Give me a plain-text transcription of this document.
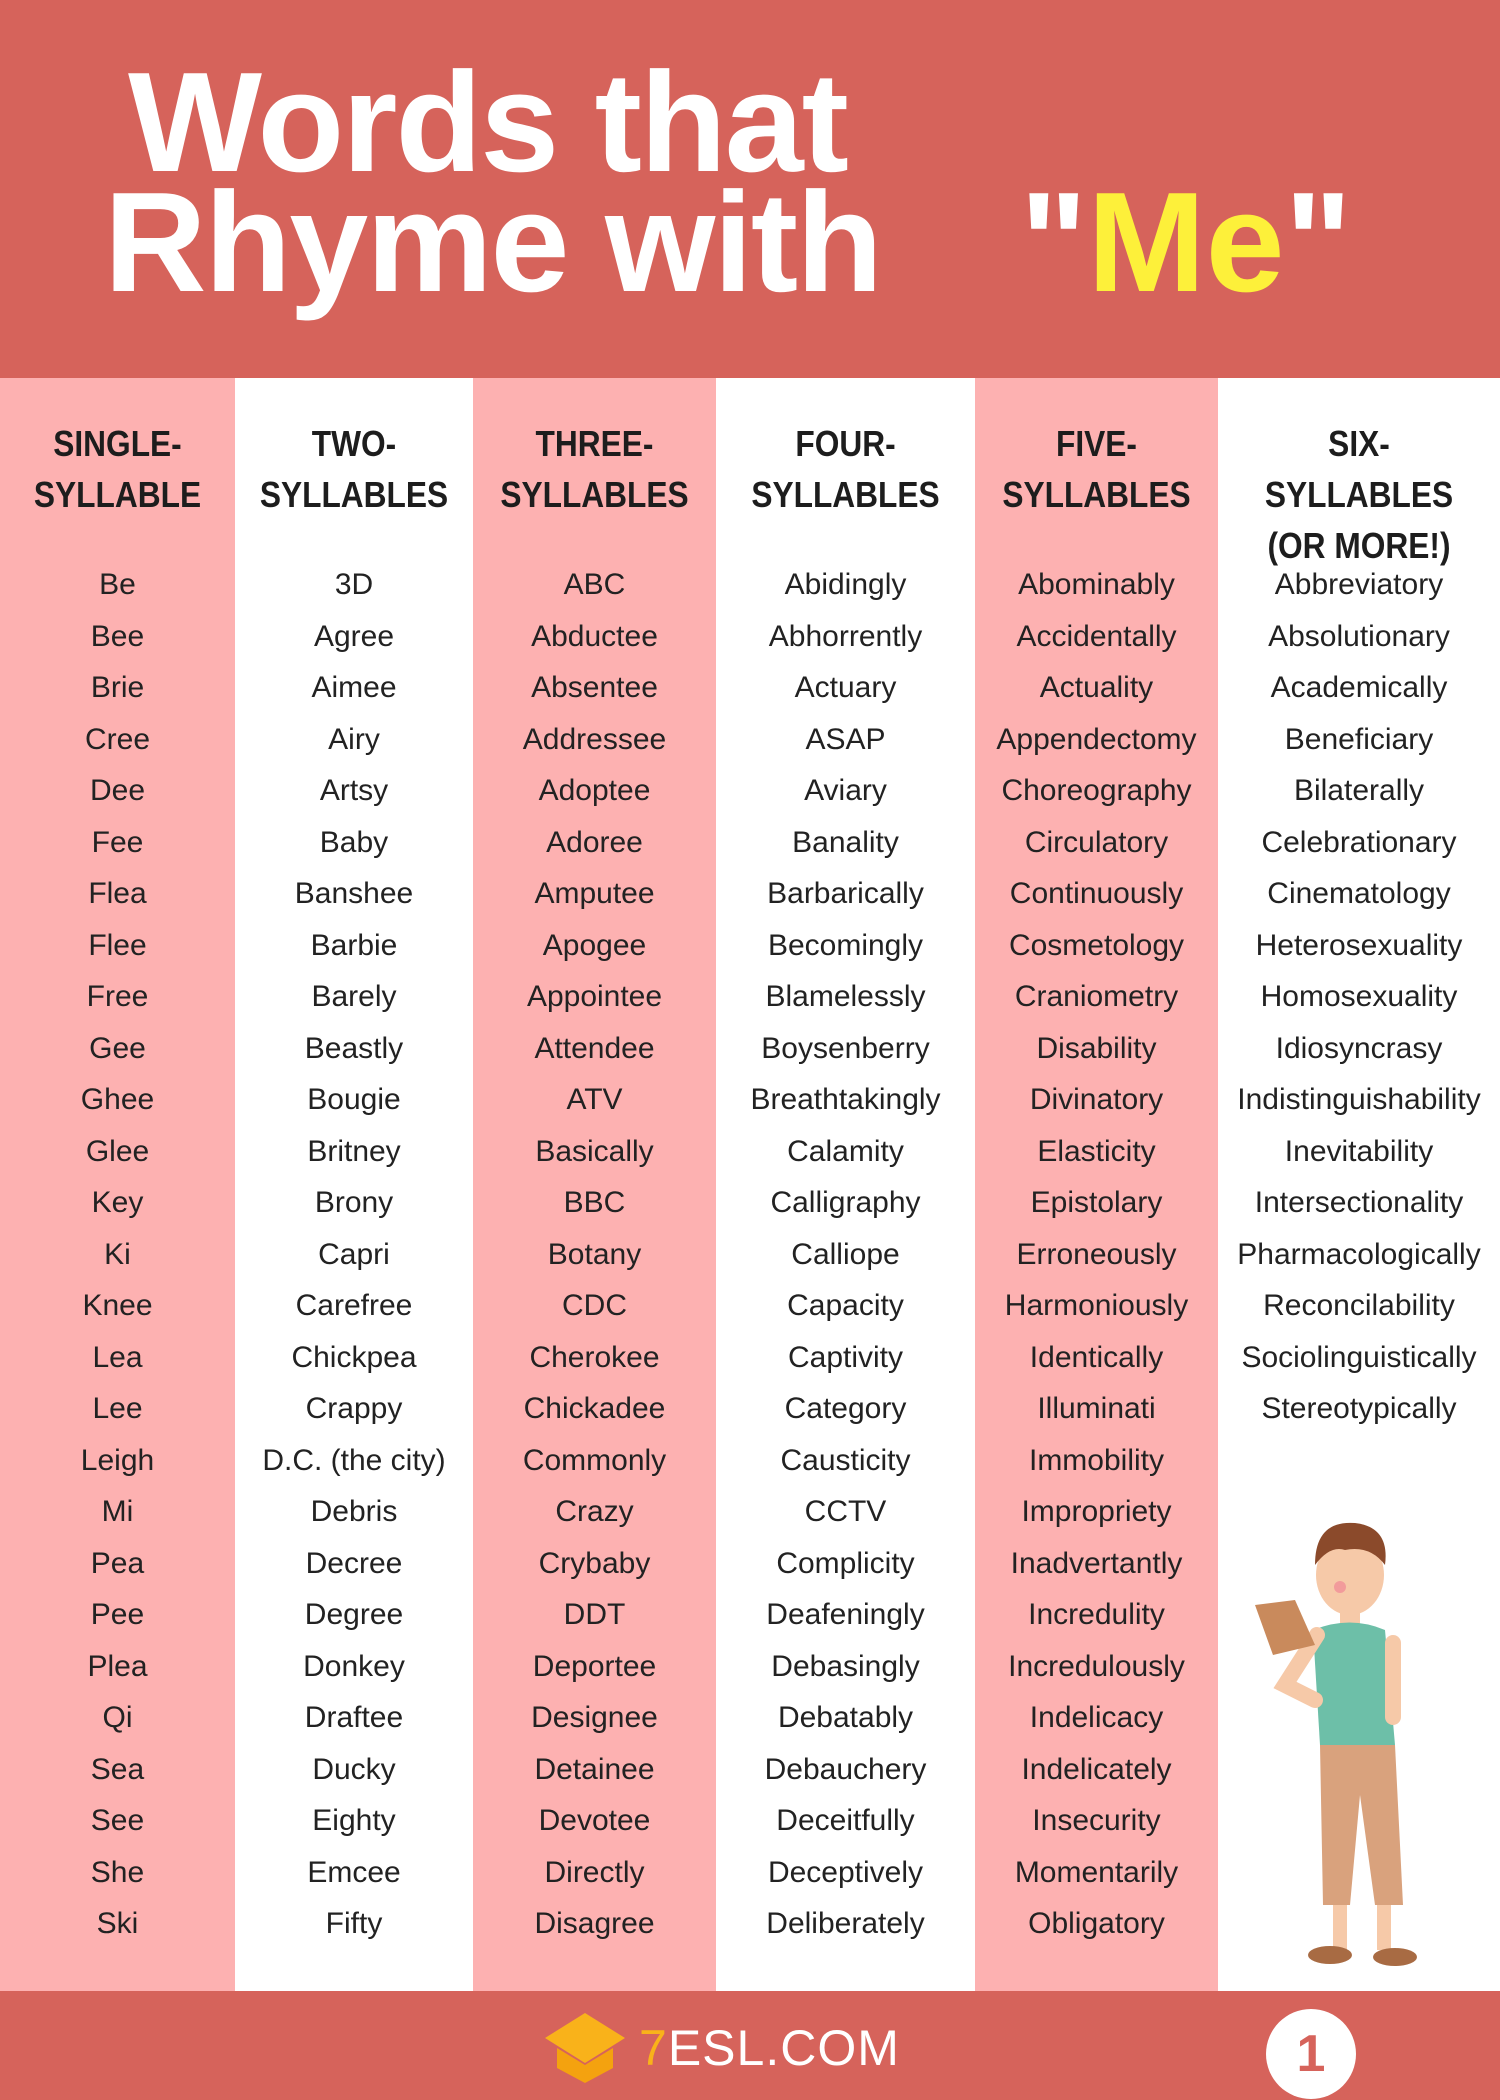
Words that
Rhyme with "Me"
SINGLE-
SYLLABLE
Be
Bee
Brie
Cree
Dee
Fee
Flea
Flee
Free
Gee
Ghee
Glee
Key
Ki
Knee
Lea
Lee
Leigh
Mi
Pea
Pee
Plea
Qi
Sea
See
She
Ski
TWO-
SYLLABLES
3D
Agree
Aimee
Airy
Artsy
Baby
Banshee
Barbie
Barely
Beastly
Bougie
Britney
Brony
Capri
Carefree
Chickpea
Crappy
D.C. (the city)
Debris
Decree
Degree
Donkey
Draftee
Ducky
Eighty
Emcee
Fifty
THREE-
SYLLABLES
ABC
Abductee
Absentee
Addressee
Adoptee
Adoree
Amputee
Apogee
Appointee
Attendee
ATV
Basically
BBC
Botany
CDC
Cherokee
Chickadee
Commonly
Crazy
Crybaby
DDT
Deportee
Designee
Detainee
Devotee
Directly
Disagree
FOUR-
SYLLABLES
Abidingly
Abhorrently
Actuary
ASAP
Aviary
Banality
Barbarically
Becomingly
Blamelessly
Boysenberry
Breathtakingly
Calamity
Calligraphy
Calliope
Capacity
Captivity
Category
Causticity
CCTV
Complicity
Deafeningly
Debasingly
Debatably
Debauchery
Deceitfully
Deceptively
Deliberately
FIVE-
SYLLABLES
Abominably
Accidentally
Actuality
Appendectomy
Choreography
Circulatory
Continuously
Cosmetology
Craniometry
Disability
Divinatory
Elasticity
Epistolary
Erroneously
Harmoniously
Identically
Illuminati
Immobility
Impropriety
Inadvertantly
Incredulity
Incredulously
Indelicacy
Indelicately
Insecurity
Momentarily
Obligatory
SIX-SYLLABLES
(OR MORE!)
Abbreviatory
Absolutionary
Academically
Beneficiary
Bilaterally
Celebrationary
Cinematology
Heterosexuality
Homosexuality
Idiosyncrasy
Indistinguishability
Inevitability
Intersectionality
Pharmacologically
Reconcilability
Sociolinguistically
Stereotypically
7ESL.COM	1
